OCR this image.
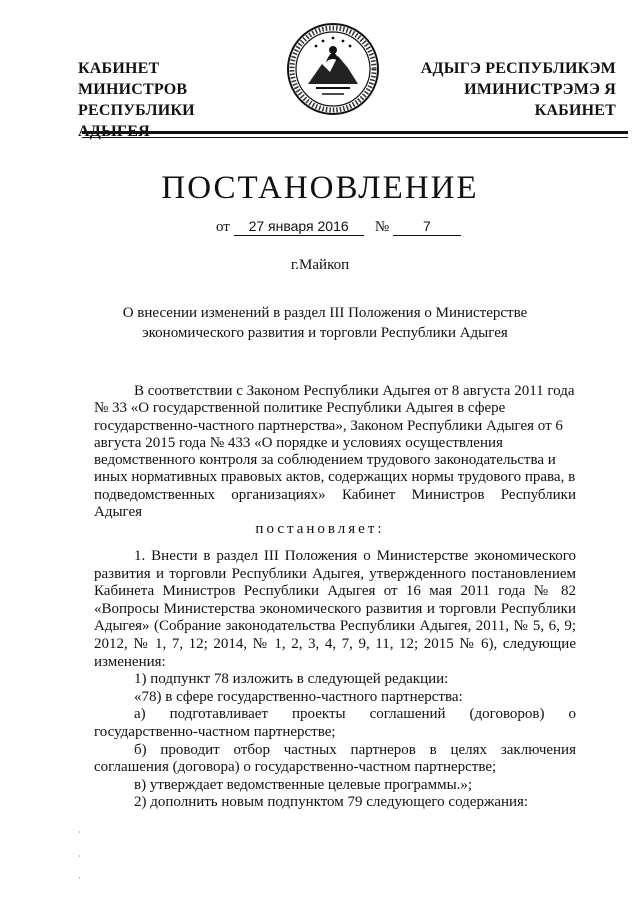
КАБИНЕТ МИНИСТРОВ
РЕСПУБЛИКИ АДЫГЕЯ
АДЫГЭ РЕСПУБЛИКЭМ
ИМИНИСТРЭМЭ Я КАБИНЕТ
ПОСТАНОВЛЕНИЕ
от 27 января 2016 № 7
г.Майкоп
О внесении изменений в раздел III Положения о Министерстве
экономического развития и торговли Республики Адыгея

В соответствии с Законом Республики Адыгея от 8 августа 2011 года

№ 33 «О государственной политике Республики Адыгея в сфере

государственно-частного партнерства», Законом Республики Адыгея от 6

августа 2015 года № 433 «О порядке и условиях осуществления

ведомственного контроля за соблюдением трудового законодательства и

иных нормативных правовых актов, содержащих нормы трудового права, в

подведомственных организациях» Кабинет Министров Республики Адыгея

постановляет:

1. Внести в раздел III Положения о Министерстве экономического

развития и торговли Республики Адыгея, утвержденного постановлением

Кабинета Министров Республики Адыгея от 16 мая 2011 года № 82

«Вопросы Министерства экономического развития и торговли Республики

Адыгея» (Собрание законодательства Республики Адыгея, 2011, № 5, 6, 9;

2012, № 1, 7, 12; 2014, № 1, 2, 3, 4, 7, 9, 11, 12; 2015 № 6), следующие

изменения:

1) подпункт 78 изложить в следующей редакции:

«78) в сфере государственно-частного партнерства:

а) подготавливает проекты соглашений (договоров) о

государственно-частном партнерстве;

б) проводит отбор частных партнеров в целях заключения

соглашения (договора) о государственно-частном партнерстве;

в) утверждает ведомственные целевые программы.»;

2) дополнить новым подпунктом 79 следующего содержания:

·
·
·
